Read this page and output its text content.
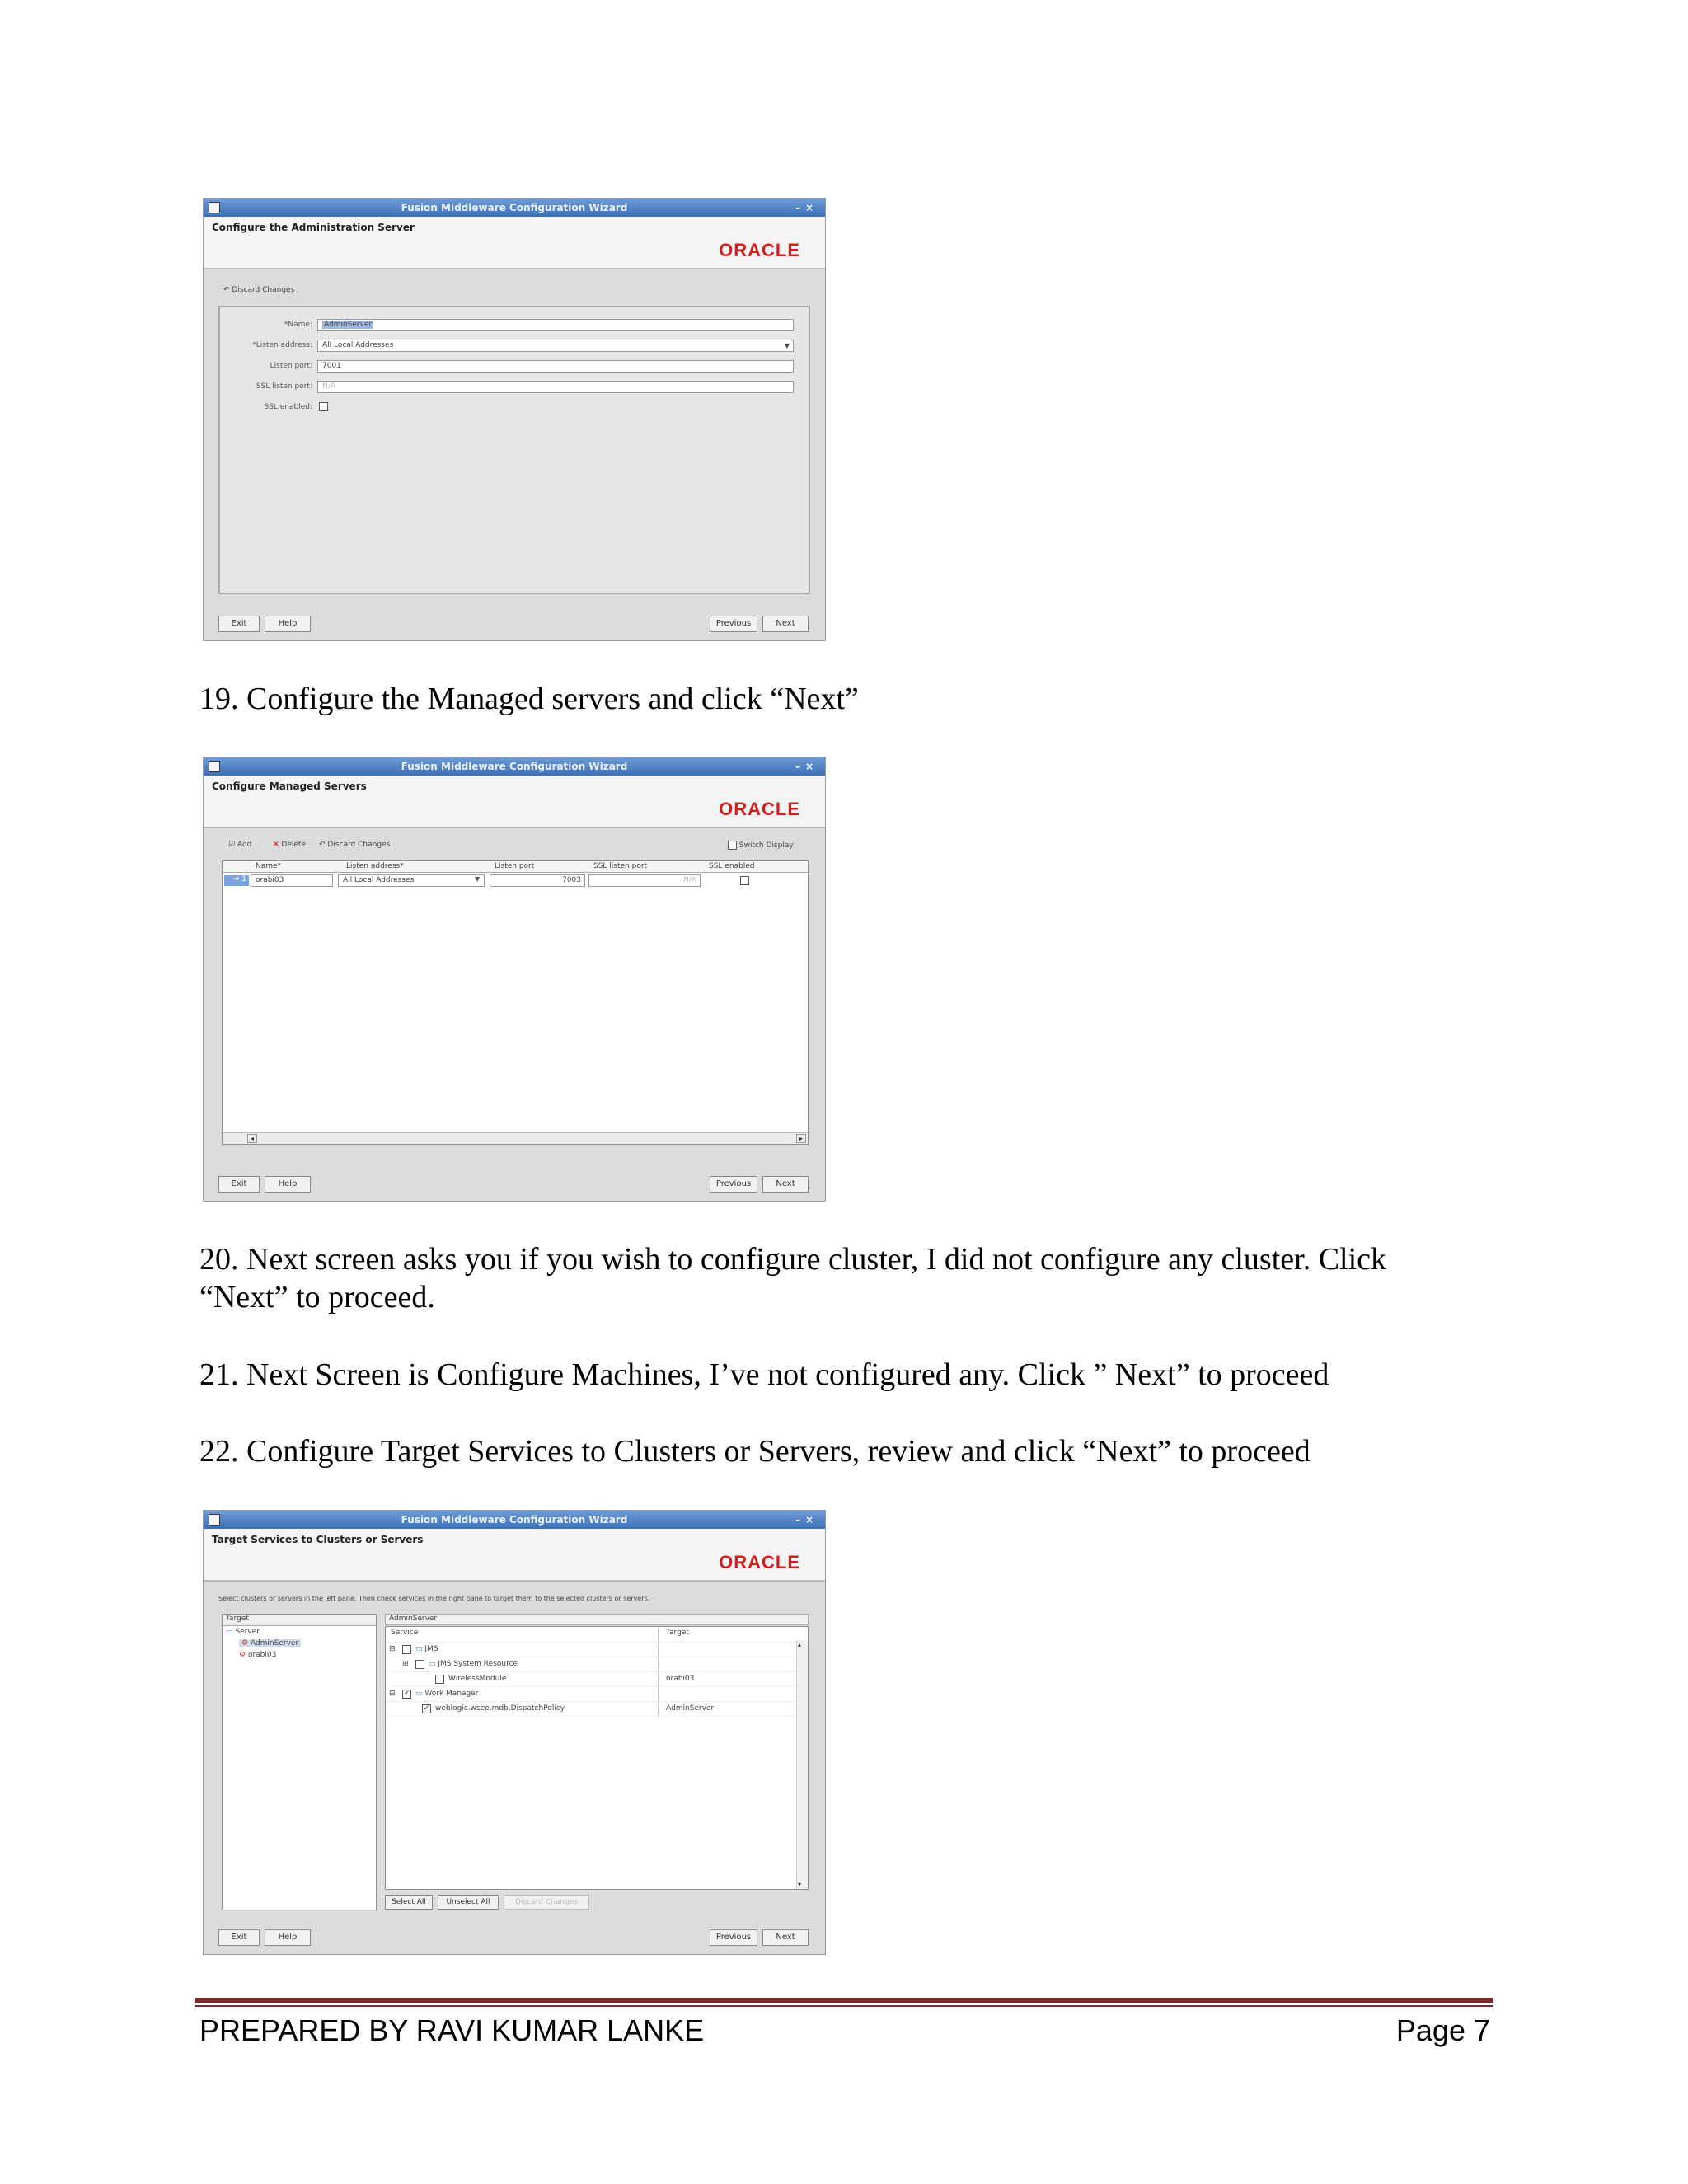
Fusion Middleware Configuration Wizard	–×
Configure the Administration Server
ORACLE
↶ Discard Changes
*Name:	AdminServer
*Listen address:	All Local Addresses	▼
Listen port:	7001
SSL listen port:	N/A
SSL enabled:
Exit	Help	Previous	Next
19. Configure the Managed servers and click “Next”
Fusion Middleware Configuration Wizard	–×
Configure Managed Servers
ORACLE
☑ Add	✕ Delete ↶ Discard Changes	Switch Display
Name*	Listen address*	Listen port	SSL listen port	SSL enabled
➔ 1	orabi03	All Local Addresses	▼	7003	N/A
◂	▸
Exit	Help	Previous	Next
20. Next screen asks you if you wish to configure cluster, I did not configure any cluster. Click
“Next” to proceed.
21. Next Screen is Configure Machines, I’ve not configured any. Click ” Next” to proceed
22. Configure Target Services to Clusters or Servers, review and click “Next” to proceed
Fusion Middleware Configuration Wizard	–×
Target Services to Clusters or Servers
ORACLE
Select clusters or servers in the left pane. Then check services in the right pane to target them to the selected clusters or servers.
Target
▭ Server
⚙ AdminServer
⚙ orabi03
AdminServer
Service	Target
⊟	▭ JMS
⊞	▭ JMS System Resource
WirelessModule	orabi03
⊟ ✓ ▭ Work Manager
✓ weblogic.wsee.mdb.DispatchPolicy	AdminServer
▴
▾
Select All	Unselect All	Discard Changes
Exit	Help	Previous	Next
PREPARED BY RAVI KUMAR LANKE	Page 7
